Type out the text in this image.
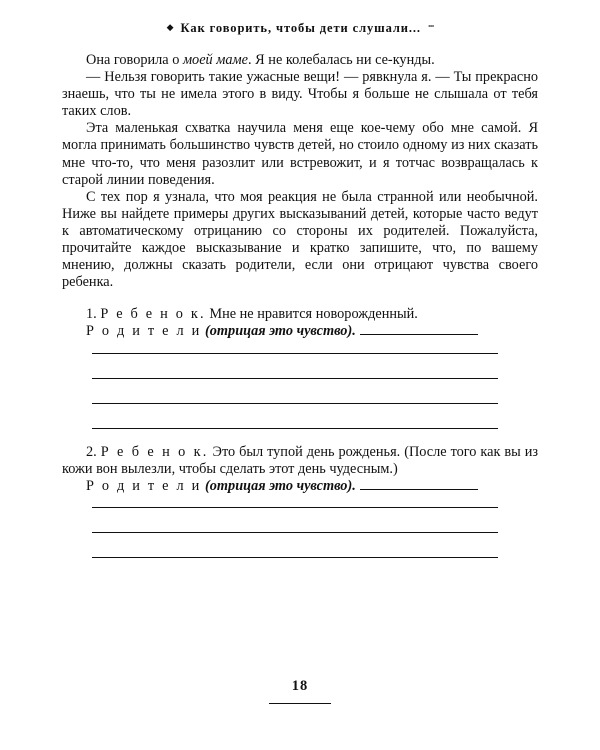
◆ Как говорить, чтобы дети слушали... •••

Она говорила о моей маме. Я не колебалась ни се-кунды.

— Нельзя говорить такие ужасные вещи! — рявкнула я. — Ты прекрасно знаешь, что ты не имела этого в виду. Чтобы я больше не слышала от тебя таких слов.

Эта маленькая схватка научила меня еще кое-чему обо мне самой. Я могла принимать большинство чувств детей, но стоило одному из них сказать мне что-то, что меня разозлит или встревожит, и я тотчас возвращалась к старой линии поведения.

С тех пор я узнала, что моя реакция не была странной или необычной. Ниже вы найдете примеры других высказываний детей, которые часто ведут к автоматическому отрицанию со стороны их родителей. Пожалуйста, прочитайте каждое высказывание и кратко запишите, что, по вашему мнению, должны сказать родители, если они отрицают чувства своего ребенка.

1. Р е б е н о к. Мне не нравится новорожденный.

Р о д и т е л и (отрицая это чувство).

2. Р е б е н о к. Это был тупой день рожденья. (После того как вы из кожи вон вылезли, чтобы сделать этот день чудесным.)

Р о д и т е л и (отрицая это чувство).

18
